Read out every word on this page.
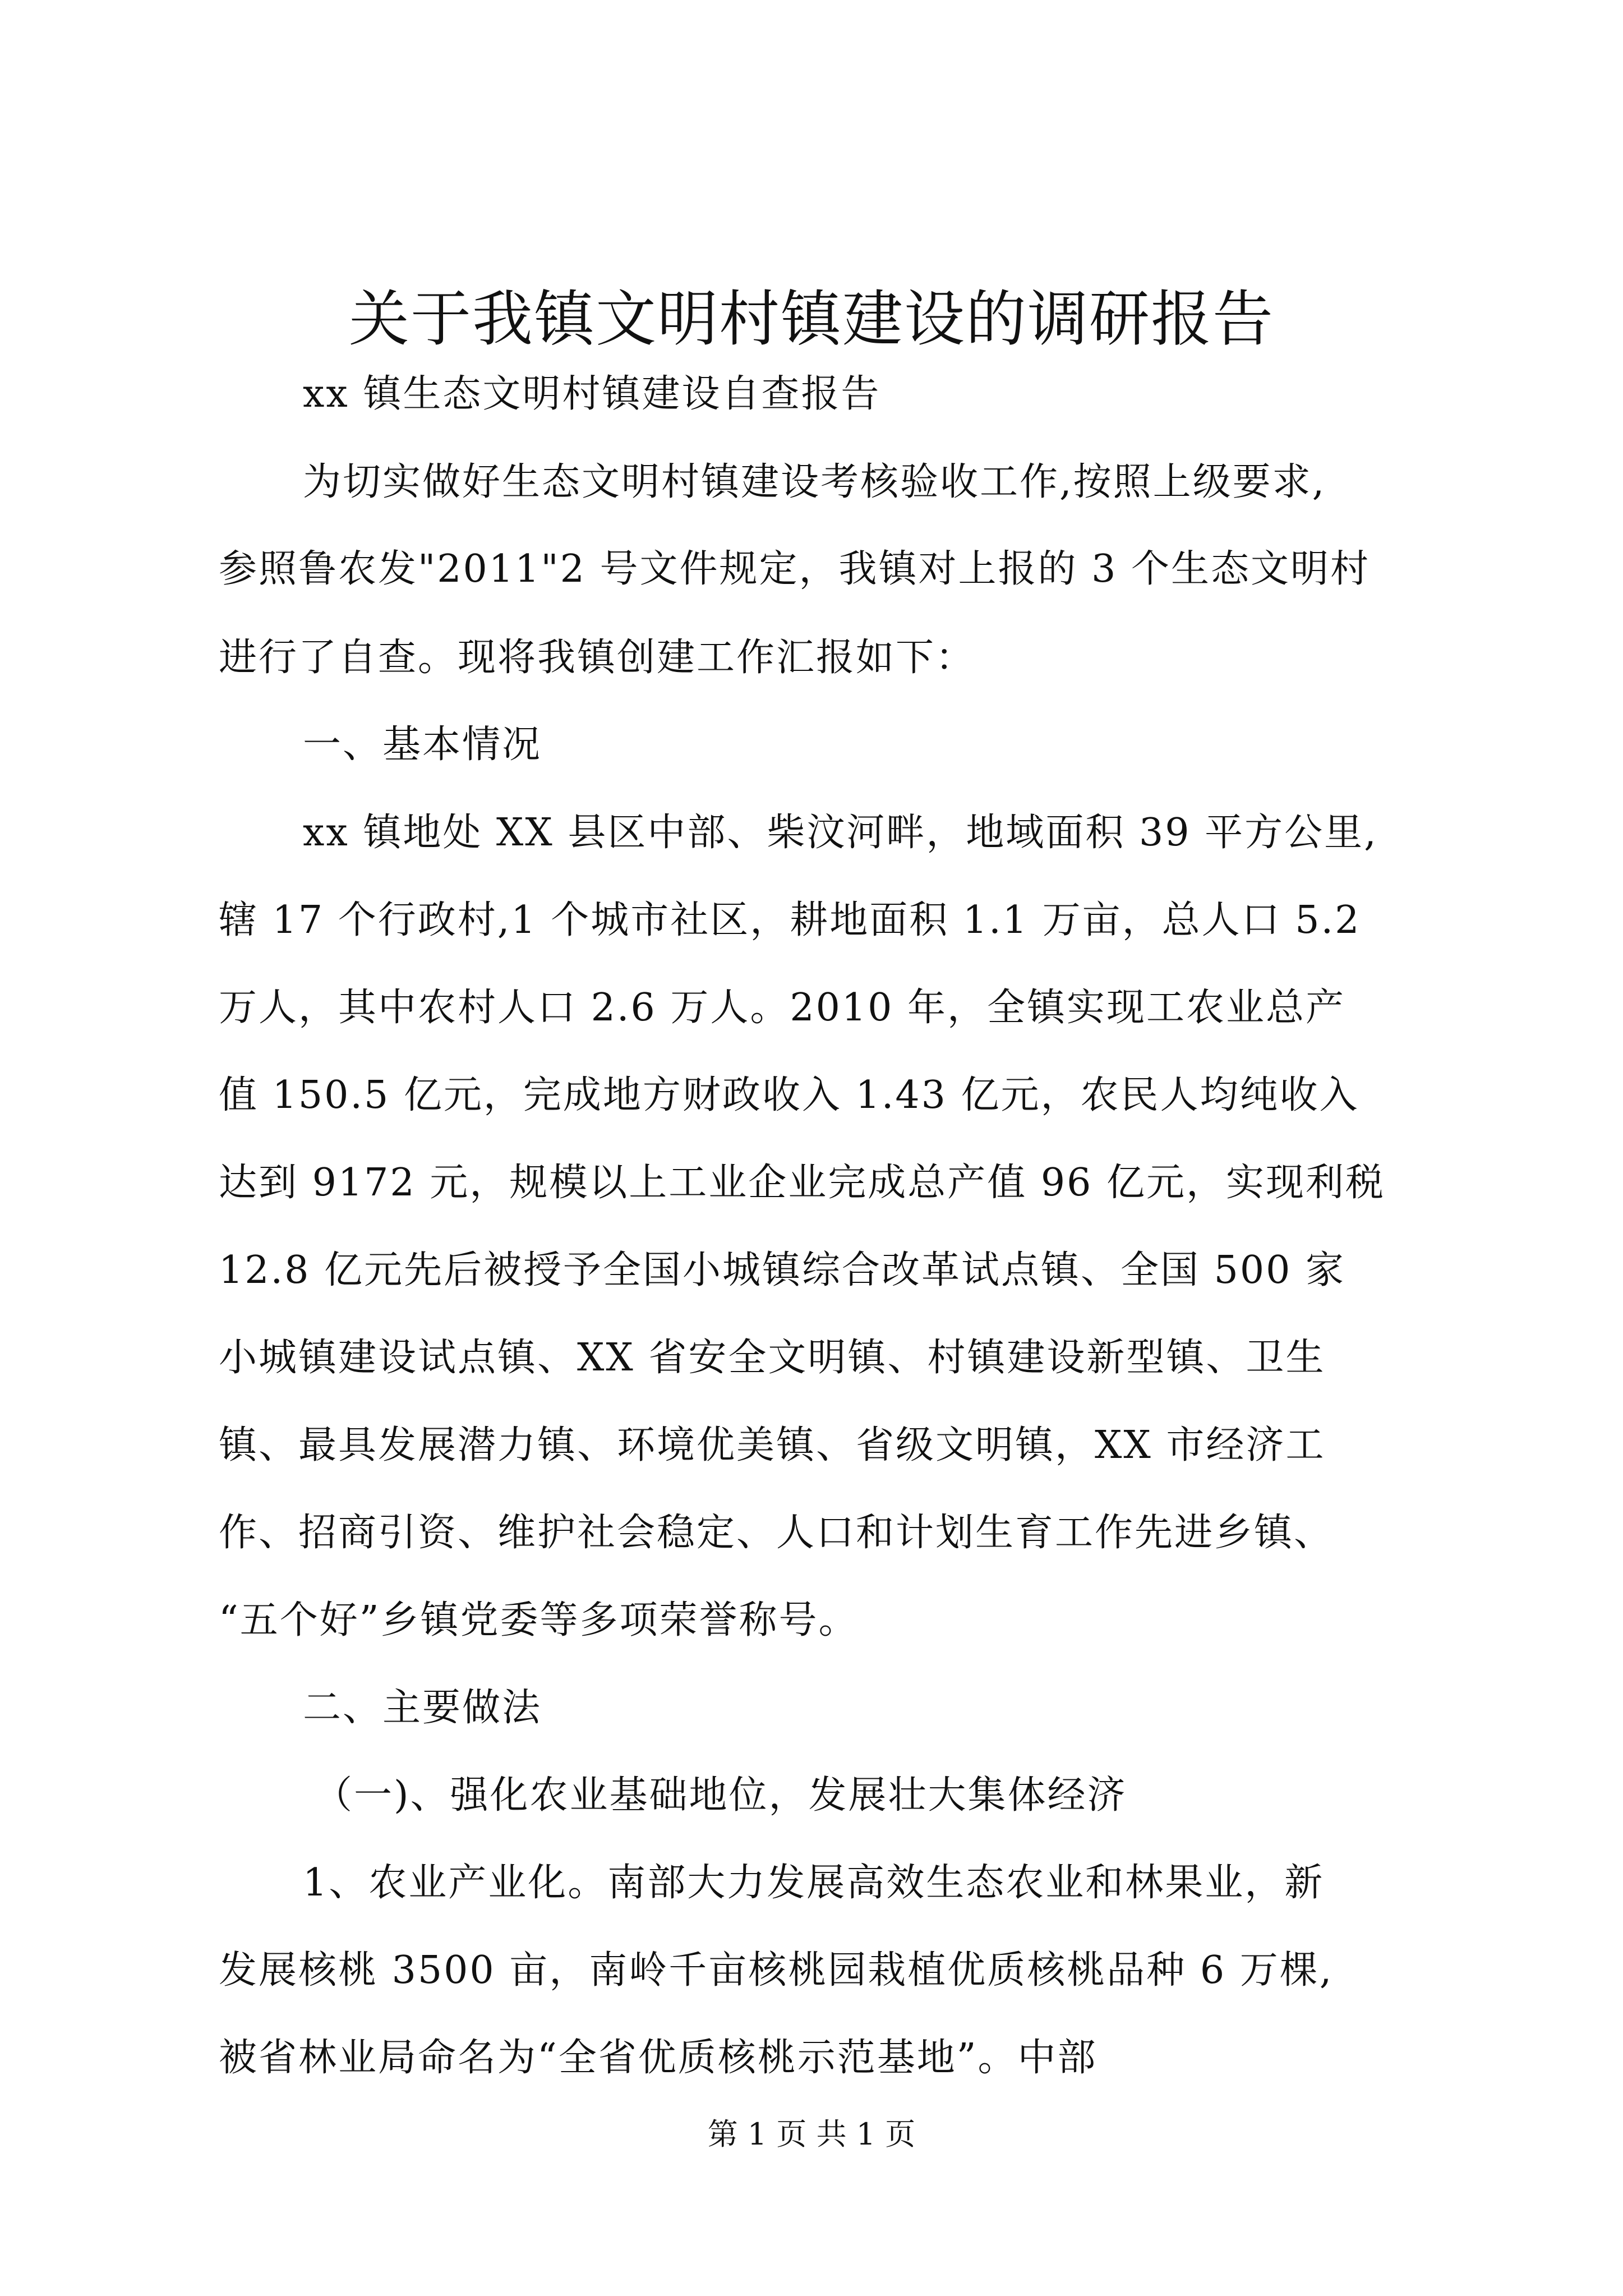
关于我镇文明村镇建设的调研报告
xx 镇生态文明村镇建设自查报告
为切实做好生态文明村镇建设考核验收工作,按照上级要求,
参照鲁农发"2011"2 号文件规定，我镇对上报的 3 个生态文明村
进行了自查。现将我镇创建工作汇报如下：
一、基本情况
xx 镇地处 XX 县区中部、柴汶河畔，地域面积 39 平方公里,
辖 17 个行政村,1 个城市社区，耕地面积 1.1 万亩，总人口 5.2
万人，其中农村人口 2.6 万人。2010 年，全镇实现工农业总产
值 150.5 亿元，完成地方财政收入 1.43 亿元，农民人均纯收入
达到 9172 元，规模以上工业企业完成总产值 96 亿元，实现利税
12.8 亿元先后被授予全国小城镇综合改革试点镇、全国 500 家
小城镇建设试点镇、XX 省安全文明镇、村镇建设新型镇、卫生
镇、最具发展潜力镇、环境优美镇、省级文明镇，XX 市经济工
作、招商引资、维护社会稳定、人口和计划生育工作先进乡镇、
“五个好”乡镇党委等多项荣誉称号。
二、主要做法
（一)、强化农业基础地位，发展壮大集体经济
1、农业产业化。南部大力发展高效生态农业和林果业，新
发展核桃 3500 亩，南岭千亩核桃园栽植优质核桃品种 6 万棵,
被省林业局命名为“全省优质核桃示范基地”。中部
第 1 页 共 1 页
